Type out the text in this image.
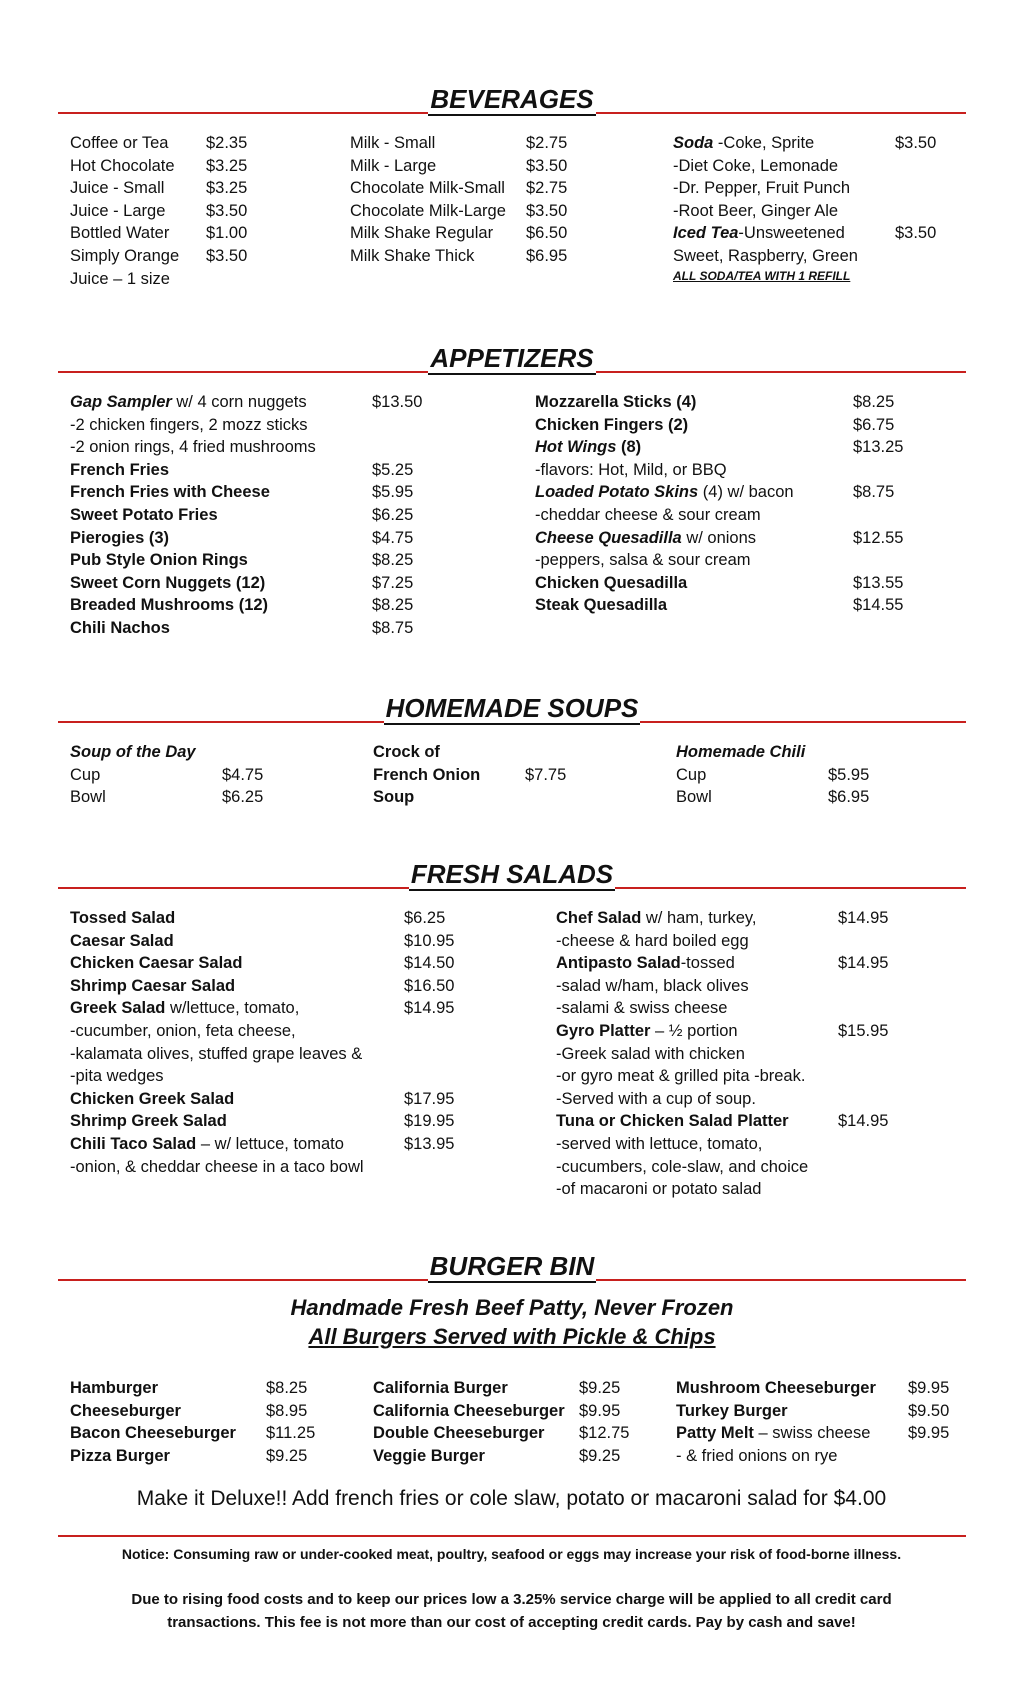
BEVERAGES
Coffee or Tea $2.35
Hot Chocolate $3.25
Juice - Small	$3.25
Juice - Large $3.50
Bottled Water $1.00
Simply Orange $3.50
Juice – 1 size
Milk - Small	$2.75
Milk - Large	$3.50
Chocolate Milk-Small $2.75
Chocolate Milk-Large $3.50
Milk Shake Regular $6.50
Milk Shake Thick	$6.95
Soda -Coke, Sprite	$3.50
-Diet Coke, Lemonade
-Dr. Pepper, Fruit Punch
-Root Beer, Ginger Ale
Iced Tea-Unsweetened	$3.50
Sweet, Raspberry, Green
ALL SODA/TEA WITH 1 REFILL
APPETIZERS
Gap Sampler w/ 4 corn nuggets	$13.50
-2 chicken fingers, 2 mozz sticks
-2 onion rings, 4 fried mushrooms
French Fries	$5.25
French Fries with Cheese	$5.95
Sweet Potato Fries	$6.25
Pierogies (3)	$4.75
Pub Style Onion Rings	$8.25
Sweet Corn Nuggets (12)	$7.25
Breaded Mushrooms (12)	$8.25
Chili Nachos	$8.75
Mozzarella Sticks (4)	$8.25
Chicken Fingers (2)	$6.75
Hot Wings (8)	$13.25
-flavors: Hot, Mild, or BBQ
Loaded Potato Skins (4) w/ bacon	$8.75
-cheddar cheese & sour cream
Cheese Quesadilla w/ onions	$12.55
-peppers, salsa & sour cream
Chicken Quesadilla	$13.55
Steak Quesadilla	$14.55
HOMEMADE SOUPS
Soup of the Day
Cup	$4.75
Bowl	$6.25
Crock of
French Onion	$7.75
Soup
Homemade Chili
Cup	$5.95
Bowl	$6.95
FRESH SALADS
Tossed Salad	$6.25
Caesar Salad	$10.95
Chicken Caesar Salad	$14.50
Shrimp Caesar Salad	$16.50
Greek Salad w/lettuce, tomato,	$14.95
-cucumber, onion, feta cheese,
-kalamata olives, stuffed grape leaves &
-pita wedges
Chicken Greek Salad	$17.95
Shrimp Greek Salad	$19.95
Chili Taco Salad – w/ lettuce, tomato	$13.95
-onion, & cheddar cheese in a taco bowl
Chef Salad w/ ham, turkey,	$14.95
-cheese & hard boiled egg
Antipasto Salad-tossed	$14.95
-salad w/ham, black olives
-salami & swiss cheese
Gyro Platter – ½ portion	$15.95
-Greek salad with chicken
-or gyro meat & grilled pita -break.
-Served with a cup of soup.
Tuna or Chicken Salad Platter	$14.95
-served with lettuce, tomato,
-cucumbers, cole-slaw, and choice
-of macaroni or potato salad
BURGER BIN
Handmade Fresh Beef Patty, Never Frozen
All Burgers Served with Pickle & Chips
Hamburger	$8.25
Cheeseburger	$8.95
Bacon Cheeseburger $11.25
Pizza Burger	$9.25
California Burger	$9.25
California Cheeseburger $9.95
Double Cheeseburger $12.75
Veggie Burger	$9.25
Mushroom Cheeseburger $9.95
Turkey Burger	$9.50
Patty Melt – swiss cheese $9.95
- & fried onions on rye
Make it Deluxe!! Add french fries or cole slaw, potato or macaroni salad for $4.00
Notice: Consuming raw or under-cooked meat, poultry, seafood or eggs may increase your risk of food-borne illness.
Due to rising food costs and to keep our prices low a 3.25% service charge will be applied to all credit card
transactions. This fee is not more than our cost of accepting credit cards. Pay by cash and save!
